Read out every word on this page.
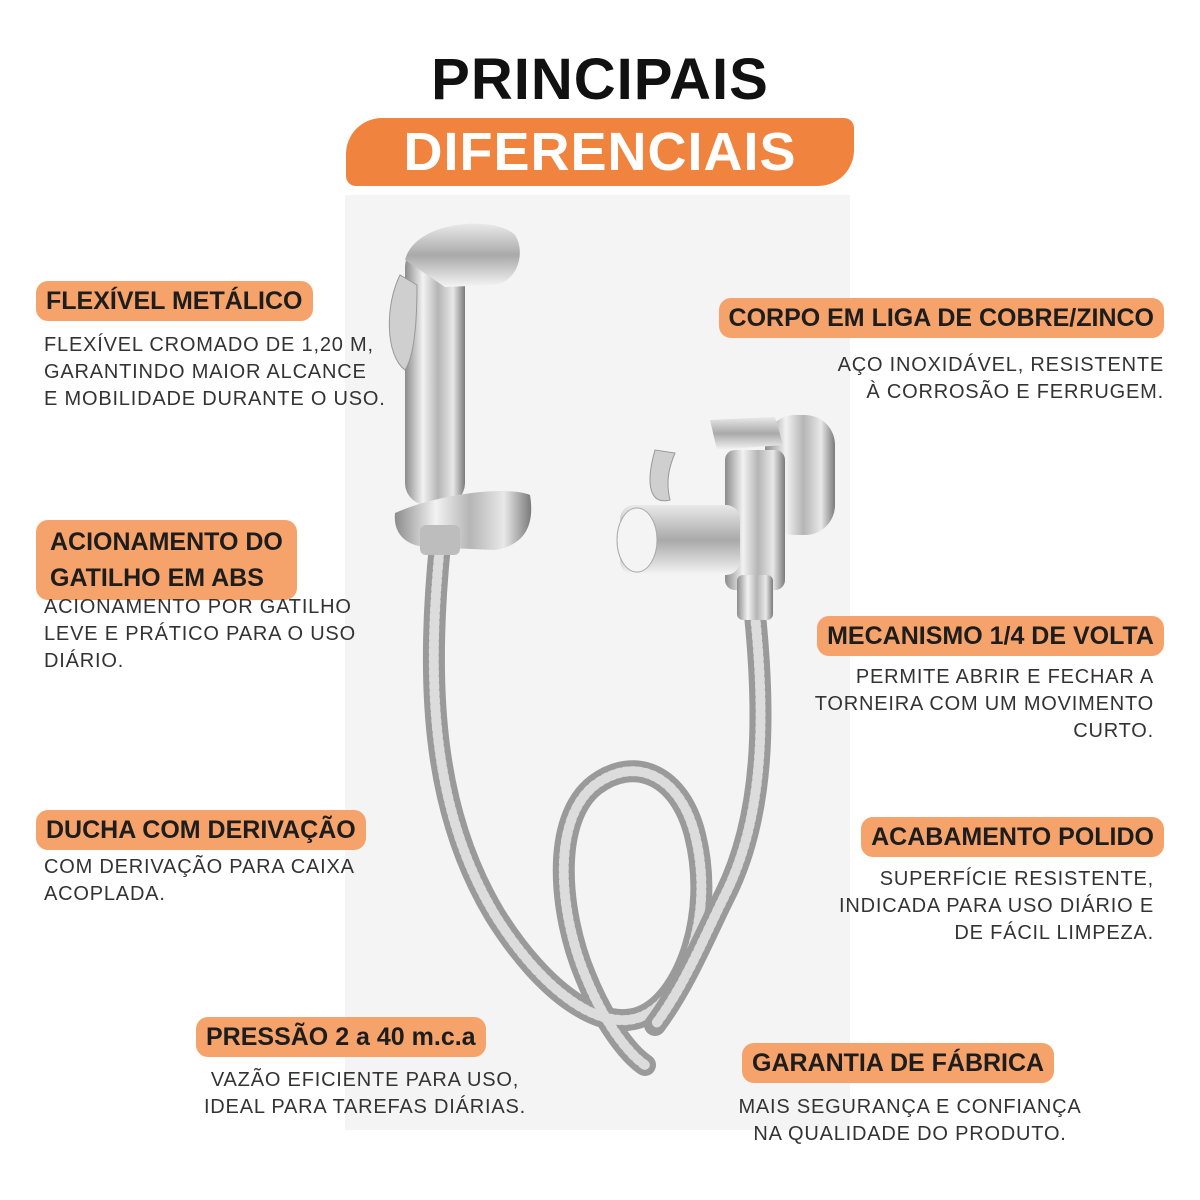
PRINCIPAIS
DIFERENCIAIS
FLEXÍVEL METÁLICO
FLEXÍVEL CROMADO DE 1,20 M,
GARANTINDO MAIOR ALCANCE
E MOBILIDADE DURANTE O USO.
ACIONAMENTO DO
GATILHO EM ABS
ACIONAMENTO POR GATILHO
LEVE E PRÁTICO PARA O USO
DIÁRIO.
DUCHA COM DERIVAÇÃO
COM DERIVAÇÃO PARA CAIXA
ACOPLADA.
PRESSÃO 2 a 40 m.c.a
VAZÃO EFICIENTE PARA USO,
IDEAL PARA TAREFAS DIÁRIAS.
CORPO EM LIGA DE COBRE/ZINCO
AÇO INOXIDÁVEL, RESISTENTE
À CORROSÃO E FERRUGEM.
MECANISMO 1/4 DE VOLTA
PERMITE ABRIR E FECHAR A
TORNEIRA COM UM MOVIMENTO
CURTO.
ACABAMENTO POLIDO
SUPERFÍCIE RESISTENTE,
INDICADA PARA USO DIÁRIO E
DE FÁCIL LIMPEZA.
GARANTIA DE FÁBRICA
MAIS SEGURANÇA E CONFIANÇA
NA QUALIDADE DO PRODUTO.
